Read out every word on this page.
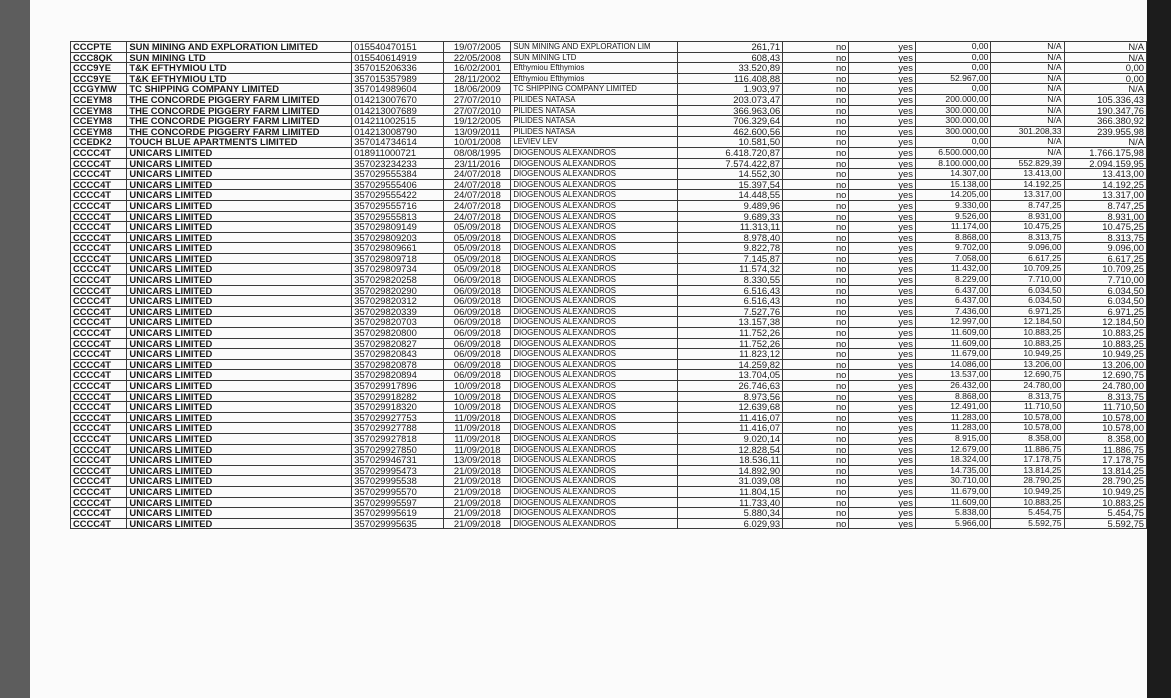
CCCPTE	SUN MINING AND EXPLORATION LIMITED	015540470151	19/07/2005	SUN MINING AND EXPLORATION LIM	261,71	no	yes	0,00	N/A	N/A
CCC8QK	SUN MINING LTD	015540614919	22/05/2008	SUN MINING LTD	608,43	no	yes	0,00	N/A	N/A
CCC9YE	T&K EFTHYMIOU LTD	357015206336	16/02/2001	Efthymiou Efthymios	33.520,89	no	yes	0,00	N/A	0,00
CCC9YE	T&K EFTHYMIOU LTD	357015357989	28/11/2002	Efthymiou Efthymios	116.408,88	no	yes	52.967,00	N/A	0,00
CCGYMW	TC SHIPPING COMPANY LIMITED	357014989604	18/06/2009	TC SHIPPING COMPANY LIMITED	1.903,97	no	yes	0,00	N/A	N/A
CCEYM8	THE CONCORDE PIGGERY FARM LIMITED	014213007670	27/07/2010	PILIDES NATASA	203.073,47	no	yes	200.000,00	N/A	105.336,43
CCEYM8	THE CONCORDE PIGGERY FARM LIMITED	014213007689	27/07/2010	PILIDES NATASA	366.963,06	no	yes	300.000,00	N/A	190.347,76
CCEYM8	THE CONCORDE PIGGERY FARM LIMITED	014211002515	19/12/2005	PILIDES NATASA	706.329,64	no	yes	300.000,00	N/A	366.380,92
CCEYM8	THE CONCORDE PIGGERY FARM LIMITED	014213008790	13/09/2011	PILIDES NATASA	462.600,56	no	yes	300.000,00	301.208,33	239.955,98
CCEDK2	TOUCH BLUE APARTMENTS LIMITED	357014734614	10/01/2008	LEVIEV LEV	10.581,50	no	yes	0,00	N/A	N/A
CCCC4T	UNICARS LIMITED	018911000721	08/08/1995	DIOGENOUS ALEXANDROS	6.418.720,87	no	yes	6.500.000,00	N/A	1.766.175,98
CCCC4T	UNICARS LIMITED	357023234233	23/11/2016	DIOGENOUS ALEXANDROS	7.574.422,87	no	yes	8.100.000,00	552.829,39	2.094.159,95
CCCC4T	UNICARS LIMITED	357029555384	24/07/2018	DIOGENOUS ALEXANDROS	14.552,30	no	yes	14.307,00	13.413,00	13.413,00
CCCC4T	UNICARS LIMITED	357029555406	24/07/2018	DIOGENOUS ALEXANDROS	15.397,54	no	yes	15.138,00	14.192,25	14.192,25
CCCC4T	UNICARS LIMITED	357029555422	24/07/2018	DIOGENOUS ALEXANDROS	14.448,55	no	yes	14.205,00	13.317,00	13.317,00
CCCC4T	UNICARS LIMITED	357029555716	24/07/2018	DIOGENOUS ALEXANDROS	9.489,96	no	yes	9.330,00	8.747,25	8.747,25
CCCC4T	UNICARS LIMITED	357029555813	24/07/2018	DIOGENOUS ALEXANDROS	9.689,33	no	yes	9.526,00	8.931,00	8.931,00
CCCC4T	UNICARS LIMITED	357029809149	05/09/2018	DIOGENOUS ALEXANDROS	11.313,11	no	yes	11.174,00	10.475,25	10.475,25
CCCC4T	UNICARS LIMITED	357029809203	05/09/2018	DIOGENOUS ALEXANDROS	8.978,40	no	yes	8.868,00	8.313,75	8.313,75
CCCC4T	UNICARS LIMITED	357029809661	05/09/2018	DIOGENOUS ALEXANDROS	9.822,78	no	yes	9.702,00	9.096,00	9.096,00
CCCC4T	UNICARS LIMITED	357029809718	05/09/2018	DIOGENOUS ALEXANDROS	7.145,87	no	yes	7.058,00	6.617,25	6.617,25
CCCC4T	UNICARS LIMITED	357029809734	05/09/2018	DIOGENOUS ALEXANDROS	11.574,32	no	yes	11.432,00	10.709,25	10.709,25
CCCC4T	UNICARS LIMITED	357029820258	06/09/2018	DIOGENOUS ALEXANDROS	8.330,55	no	yes	8.229,00	7.710,00	7.710,00
CCCC4T	UNICARS LIMITED	357029820290	06/09/2018	DIOGENOUS ALEXANDROS	6.516,43	no	yes	6.437,00	6.034,50	6.034,50
CCCC4T	UNICARS LIMITED	357029820312	06/09/2018	DIOGENOUS ALEXANDROS	6.516,43	no	yes	6.437,00	6.034,50	6.034,50
CCCC4T	UNICARS LIMITED	357029820339	06/09/2018	DIOGENOUS ALEXANDROS	7.527,76	no	yes	7.436,00	6.971,25	6.971,25
CCCC4T	UNICARS LIMITED	357029820703	06/09/2018	DIOGENOUS ALEXANDROS	13.157,38	no	yes	12.997,00	12.184,50	12.184,50
CCCC4T	UNICARS LIMITED	357029820800	06/09/2018	DIOGENOUS ALEXANDROS	11.752,26	no	yes	11.609,00	10.883,25	10.883,25
CCCC4T	UNICARS LIMITED	357029820827	06/09/2018	DIOGENOUS ALEXANDROS	11.752,26	no	yes	11.609,00	10.883,25	10.883,25
CCCC4T	UNICARS LIMITED	357029820843	06/09/2018	DIOGENOUS ALEXANDROS	11.823,12	no	yes	11.679,00	10.949,25	10.949,25
CCCC4T	UNICARS LIMITED	357029820878	06/09/2018	DIOGENOUS ALEXANDROS	14.259,82	no	yes	14.086,00	13.206,00	13.206,00
CCCC4T	UNICARS LIMITED	357029820894	06/09/2018	DIOGENOUS ALEXANDROS	13.704,05	no	yes	13.537,00	12.690,75	12.690,75
CCCC4T	UNICARS LIMITED	357029917896	10/09/2018	DIOGENOUS ALEXANDROS	26.746,63	no	yes	26.432,00	24.780,00	24.780,00
CCCC4T	UNICARS LIMITED	357029918282	10/09/2018	DIOGENOUS ALEXANDROS	8.973,56	no	yes	8.868,00	8.313,75	8.313,75
CCCC4T	UNICARS LIMITED	357029918320	10/09/2018	DIOGENOUS ALEXANDROS	12.639,68	no	yes	12.491,00	11.710,50	11.710,50
CCCC4T	UNICARS LIMITED	357029927753	11/09/2018	DIOGENOUS ALEXANDROS	11.416,07	no	yes	11.283,00	10.578,00	10.578,00
CCCC4T	UNICARS LIMITED	357029927788	11/09/2018	DIOGENOUS ALEXANDROS	11.416,07	no	yes	11.283,00	10.578,00	10.578,00
CCCC4T	UNICARS LIMITED	357029927818	11/09/2018	DIOGENOUS ALEXANDROS	9.020,14	no	yes	8.915,00	8.358,00	8.358,00
CCCC4T	UNICARS LIMITED	357029927850	11/09/2018	DIOGENOUS ALEXANDROS	12.828,54	no	yes	12.679,00	11.886,75	11.886,75
CCCC4T	UNICARS LIMITED	357029946731	13/09/2018	DIOGENOUS ALEXANDROS	18.536,11	no	yes	18.324,00	17.178,75	17.178,75
CCCC4T	UNICARS LIMITED	357029995473	21/09/2018	DIOGENOUS ALEXANDROS	14.892,90	no	yes	14.735,00	13.814,25	13.814,25
CCCC4T	UNICARS LIMITED	357029995538	21/09/2018	DIOGENOUS ALEXANDROS	31.039,08	no	yes	30.710,00	28.790,25	28.790,25
CCCC4T	UNICARS LIMITED	357029995570	21/09/2018	DIOGENOUS ALEXANDROS	11.804,15	no	yes	11.679,00	10.949,25	10.949,25
CCCC4T	UNICARS LIMITED	357029995597	21/09/2018	DIOGENOUS ALEXANDROS	11.733,40	no	yes	11.609,00	10.883,25	10.883,25
CCCC4T	UNICARS LIMITED	357029995619	21/09/2018	DIOGENOUS ALEXANDROS	5.880,34	no	yes	5.838,00	5.454,75	5.454,75
CCCC4T	UNICARS LIMITED	357029995635	21/09/2018	DIOGENOUS ALEXANDROS	6.029,93	no	yes	5.966,00	5.592,75	5.592,75
